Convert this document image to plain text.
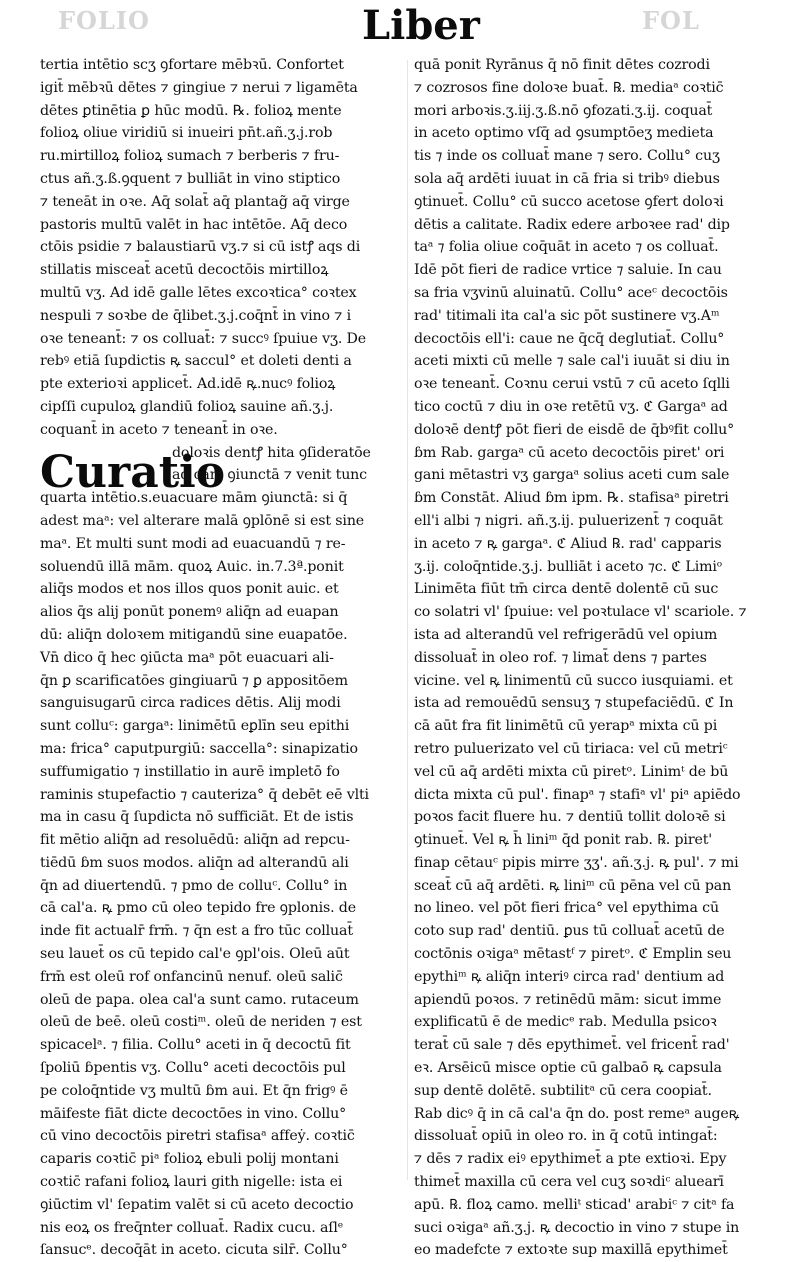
FOLIO	Liber	FOL
tertia intētio scʒ ꝯfortare mēbꝛū. Confortet
igit̄ mēbꝛū dētes ⁊ gingiue ⁊ nerui ⁊ ligamēta
dētes ꝑtinētia ꝑ hūc modū. ℞. folioꝝ mente
folioꝝ oliue viridiū si inueiri pn̄t.añ.ʒ.j.rob
ru.mirtilloꝝ folioꝝ sumach ⁊ berberis ⁊ fru-
ctus añ.ʒ.ß.ꝯquent ⁊ bulliāt in vino stiptico
⁊ teneāt in oꝛe. Aq̄ solat̄ aq̄ plantag̃ aq̄ virge
pastoris multū valēt in hac intētōe. Aq̄ deco
ctōis psidie ⁊ balaustiarū vʒ.⁊ si cū istꝭ aqs di
stillatis misceat̄ acetū decoctōis mirtilloꝝ
multū vʒ. Ad idē galle lētes excoꝛtica° coꝛtex
nespuli ⁊ soꝛbe de q̄libet.ʒ.j.coq̄nt̄ in vino ⁊ i
oꝛe teneant̄: ⁊ os colluat̄: ⁊ succꝰ ſpuiue vʒ. De
rebꝰ etiā ſupdictis ꝶ saccul° et doleti denti a
pte exterioꝛi applicet̄. Ad.idē ꝶ.nucꝰ folioꝝ
cipſſi cupuloꝝ glandiū folioꝝ sauine añ.ʒ.j.
coquant̄ in aceto ⁊ teneant̄ in oꝛe.
Curatio
doloꝛis dentꝭ hita ꝯſideratōe
ad cām ꝯiunctā ⁊ venit tunc
quarta intētio.s.euacuare mām ꝯiunctā: si q̄
adest maᵃ: vel alterare malā ꝯplōnē si est sine
maᵃ. Et multi sunt modi ad euacuandū ⁊ re-
soluendū illā mām. quoꝝ Auic. in.7.3ª.ponit
aliq̄s modos et nos illos quos ponit auic. et
alios q̄s alij ponūt ponemꝰ aliq̄n ad euapan
dū: aliq̄n doloꝛem mitigandū sine euapatōe.
Vn̄ dico q̄ hec ꝯiūcta maᵃ pōt euacuari ali-
q̄n ꝑ scarificatōes gingiuarū ⁊ ꝑ appositōem
sanguisugarū circa radices dētis. Alij modi
sunt colluᶜ: gargaᵃ: linimētū eꝑlīn seu epithi
ma: frica° caputpurgiū: saccella°: sinapizatio
suffumigatio ⁊ instillatio in aurē impletō fo
raminis stupefactio ⁊ cauteriza° q̄ debēt eē vlti
ma in casu q̄ ſupdicta nō sufficiāt. Et de istis
fit mētio aliq̄n ad resoluēdū: aliq̄n ad repcu-
tiēdū ɓm suos modos. aliq̄n ad alterandū ali
q̄n ad diuertendū. ⁊ pmo de colluᶜ. Collu° in
cā cal'a. ꝶ pmo cū oleo tepido fre ꝯplonis. de
inde fit actualr̄ frm̄. ⁊ q̄n est a fro tūc colluat̄
seu lauet̄ os cū tepido cal'e ꝯpl'ois. Oleū aūt
frm̄ est oleū rof onfancinū nenuf. oleū salic̄
oleū de papa. olea cal'a sunt camo. rutaceum
oleū de beē. oleū costiᵐ. oleū de neriden ⁊ est
spicacelᵃ. ⁊ filia. Collu° aceti in q̄ decoctū fit
ſpoliū ɓpentis vʒ. Collu° aceti decoctōis pul
pe coloq̄ntide vʒ multū ɓm aui. Et q̄n frigꝰ ē
māifeste fiāt dicte decoctōes in vino. Collu°
cū vino decoctōis piretri stafisaᵃ affeẏ. coꝛtic̄
caparis coꝛtic̄ piᵃ folioꝝ ebuli polij montani
coꝛtic̄ rafani folioꝝ lauri gith nigelle: ista ei
ꝯiūctim vl' ſepatim valēt si cū aceto decoctio
nis eoꝝ os freq̄nter colluat̄. Radix cucu. aſlᵉ
ſansucᵉ. decoq̄āt in aceto. cicuta silr̄. Collu°
quā ponit Ryrānus q̄ nō finit dētes cozrodi
⁊ cozrosos fine doloꝛe buat̄. ℞. mediaᵃ coꝛtic̄
mori arboꝛis.ʒ.iij.ʒ.ß.nō ꝯfozati.ʒ.ij. coquat̄
in aceto optimo vſq̄ ad ꝯsumptōeʒ medieta
tis ⁊ inde os colluat̄ mane ⁊ sero. Collu° cuʒ
sola aq̄ ardēti iuuat in cā fria si tribꝰ diebus
ꝯtinuet̄. Collu° cū succo acetose ꝯfert doloꝛi
dētis a calitate. Radix edere arboꝛee rad' dip
taᵃ ⁊ folia oliue coq̄uāt in aceto ⁊ os colluat̄.
Idē pōt fieri de radice vrtice ⁊ saluie. In cau
sa fria vʒvinū aluinatū. Collu° aceᶜ decoctōis
rad' titimali ita cal'a sic pōt sustinere vʒ.Aᵐ
decoctōis ell'i: caue ne q̄cq̄ deglutiat̄. Collu°
aceti mixti cū melle ⁊ sale cal'i iuuāt si diu in
oꝛe teneant̄. Coꝛnu cerui vstū ⁊ cū aceto ſqlli
tico coctū ⁊ diu in oꝛe retētū vʒ. ℭ Gargaᵃ ad
doloꝛē dentꝭ pōt fieri de eisdē de q̄bꝰfit collu°
ɓm Rab. gargaᵃ cū aceto decoctōis piret' ori
gani mētastri vʒ gargaᵃ solius aceti cum sale
ɓm Constāt. Aliud ɓm ipm. ℞. stafisaᵃ piretri
ell'i albi ⁊ nigri. añ.ʒ.ij. puluerizent̄ ⁊ coquāt
in aceto ⁊ ꝶ gargaᵃ. ℭ Aliud ℞. rad' capparis
ʒ.ij. coloq̄ntide.ʒ.j. bulliāt i aceto ⁊c. ℭ Limiᵒ
Linimēta fiūt tm̄ circa dentē dolentē cū suc
co solatri vl' ſpuiue: vel poꝛtulace vl' scariole. ⁊
ista ad alterandū vel refrigerādū vel opium
dissoluat̄ in oleo rof. ⁊ limat̄ dens ⁊ partes
vicine. vel ꝶ linimentū cū succo iusquiami. et
ista ad remouēdū sensuʒ ⁊ stupefaciēdū. ℭ In
cā aūt fra fit linimētū cū yerapᵃ mixta cū pi
retro puluerizato vel cū tiriaca: vel cū metriᶜ
vel cū aq̄ ardēti mixta cū piretᵒ. Linimᵗ de bū
dicta mixta cū pul'. finapᵃ ⁊ stafiᵃ vl' piᵃ apiēdo
poꝛos facit fluere hu. ⁊ dentiū tollit doloꝛē si
ꝯtinuet̄. Vel ꝶ h̄ liniᵐ q̄d ponit rab. ℞. piret'
finap cētauᶜ pipis mirre ʒʒ'. añ.ʒ.j. ꝶ pul'. ⁊ mi
sceat̄ cū aq̄ ardēti. ꝶ liniᵐ cū pēna vel cū pan
no lineo. vel pōt fieri frica° vel epythima cū
coto sup rad' dentiū. ꝑus tū colluat̄ acetū de
coctōnis oꝛigaᵃ mētastᶠ ⁊ piretᵒ. ℭ Emplin seu
epythiᵐ ꝶ aliq̄n interiꝰ circa rad' dentium ad
apiendū poꝛos. ⁊ retinēdū mām: sicut imme
explificatū ē de medicᵉ rab. Medulla psicoꝛ
terat̄ cū sale ⁊ dēs epythimet̄. vel fricent̄ rad'
eꝛ. Arsēicū misce optie cū galbaō ꝶ capsula
sup dentē dolētē. subtilitᵃ cū cera coopiat̄.
Rab dicꝰ q̄ in cā cal'a q̄n do. post remeᵃ augeꝶ
dissoluat̄ opiū in oleo ro. in q̄ cotū intingat̄:
⁊ dēs ⁊ radix eiꝰ epythimet̄ a pte extioꝛi. Epy
thimet̄ maxilla cū cera vel cuʒ soꝛdiᶜ aluearī
apū. ℞. floꝝ camo. melliᵗ sticad' arabiᶜ ⁊ citᵃ fa
suci oꝛigaᵃ añ.ʒ.j. ꝶ decoctio in vino ⁊ stupe in
eo madefcte ⁊ extoꝛte sup maxillā epythimet̄
